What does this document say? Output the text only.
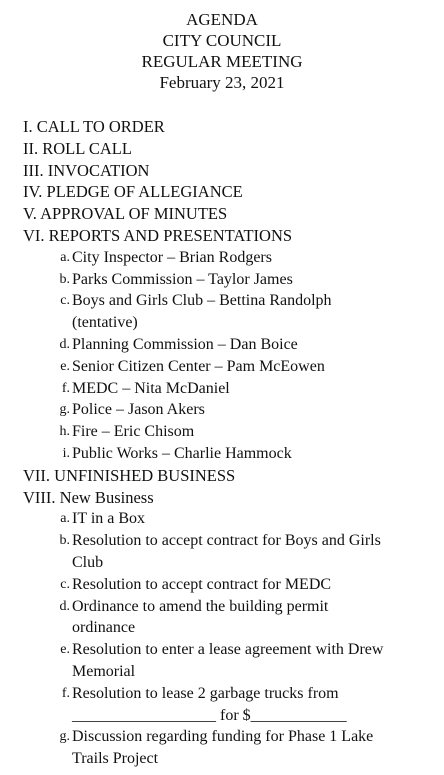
AGENDA
CITY COUNCIL
REGULAR MEETING
February 23, 2021
I. CALL TO ORDER
II. ROLL CALL
III. INVOCATION
IV. PLEDGE OF ALLEGIANCE
V. APPROVAL OF MINUTES
VI. REPORTS AND PRESENTATIONS
a. City Inspector – Brian Rodgers
b. Parks Commission – Taylor James
c. Boys and Girls Club – Bettina Randolph
(tentative)
d. Planning Commission – Dan Boice
e. Senior Citizen Center – Pam McEowen
f. MEDC – Nita McDaniel
g. Police – Jason Akers
h. Fire – Eric Chisom
i. Public Works – Charlie Hammock
VII. UNFINISHED BUSINESS
VIII. New Business
a. IT in a Box
b. Resolution to accept contract for Boys and Girls
Club
c. Resolution to accept contract for MEDC
d. Ordinance to amend the building permit
ordinance
e. Resolution to enter a lease agreement with Drew
Memorial
f. Resolution to lease 2 garbage trucks from
__________________ for $____________
g. Discussion regarding funding for Phase 1 Lake
Trails Project
